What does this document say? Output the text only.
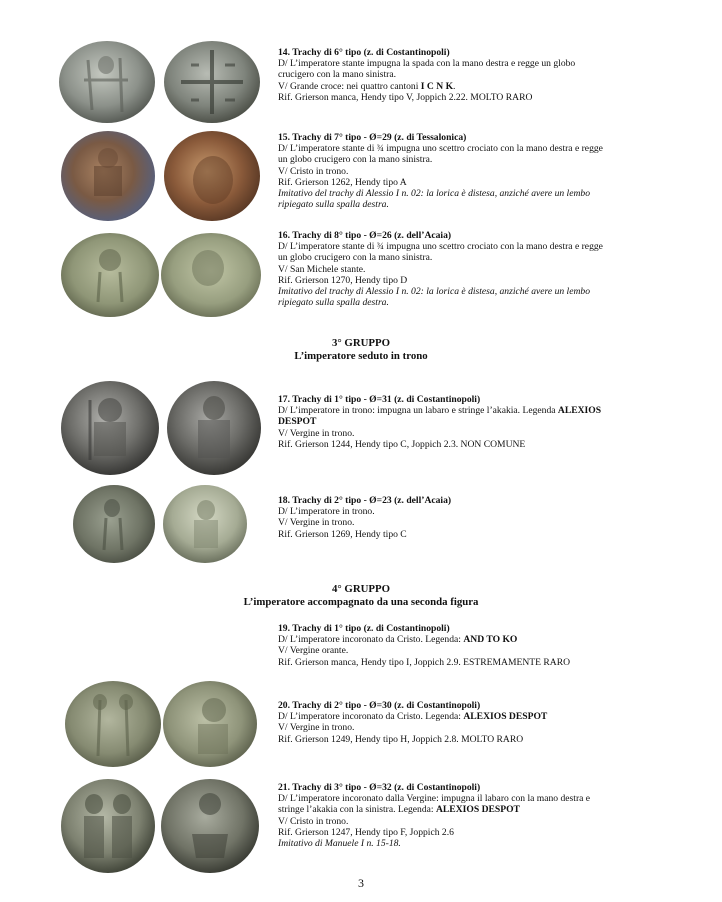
14. Trachy di 6° tipo (z. di Costantinopoli)
D/ L’imperatore stante impugna la spada con la mano destra e regge un globo
crucigero con la mano sinistra.
V/ Grande croce: nei quattro cantoni I C N K.
Rif. Grierson manca, Hendy tipo V, Joppich 2.22. MOLTO RARO
15. Trachy di 7° tipo - Ø=29 (z. di Tessalonica)
D/ L’imperatore stante di ¾ impugna uno scettro crociato con la mano destra e regge
un globo crucigero con la mano sinistra.
V/ Cristo in trono.
Rif. Grierson 1262, Hendy tipo A
Imitativo del trachy di Alessio I n. 02: la lorica è distesa, anziché avere un lembo
ripiegato sulla spalla destra.
16. Trachy di 8° tipo - Ø=26 (z. dell’Acaia)
D/ L’imperatore stante di ¾ impugna uno scettro crociato con la mano destra e regge
un globo crucigero con la mano sinistra.
V/ San Michele stante.
Rif. Grierson 1270, Hendy tipo D
Imitativo del trachy di Alessio I n. 02: la lorica è distesa, anziché avere un lembo
ripiegato sulla spalla destra.
3° GRUPPO
L’imperatore seduto in trono
17. Trachy di 1° tipo - Ø=31 (z. di Costantinopoli)
D/ L’imperatore in trono: impugna un labaro e stringe l’akakia. Legenda ALEXIOS
DESPOT
V/ Vergine in trono.
Rif. Grierson 1244, Hendy tipo C, Joppich 2.3. NON COMUNE
18. Trachy di 2° tipo - Ø=23 (z. dell’Acaia)
D/ L’imperatore in trono.
V/ Vergine in trono.
Rif. Grierson 1269, Hendy tipo C
4° GRUPPO
L’imperatore accompagnato da una seconda figura
19. Trachy di 1° tipo (z. di Costantinopoli)
D/ L’imperatore incoronato da Cristo. Legenda: AND TO KO
V/ Vergine orante.
Rif. Grierson manca, Hendy tipo I, Joppich 2.9. ESTREMAMENTE RARO
20. Trachy di 2° tipo - Ø=30 (z. di Costantinopoli)
D/ L’imperatore incoronato da Cristo. Legenda: ALEXIOS DESPOT
V/ Vergine in trono.
Rif. Grierson 1249, Hendy tipo H, Joppich 2.8. MOLTO RARO
21. Trachy di 3° tipo - Ø=32 (z. di Costantinopoli)
D/ L’imperatore incoronato dalla Vergine: impugna il labaro con la mano destra e
stringe l’akakia con la sinistra. Legenda: ALEXIOS DESPOT
V/ Cristo in trono.
Rif. Grierson 1247, Hendy tipo F, Joppich 2.6
Imitativo di Manuele I n. 15-18.
3
